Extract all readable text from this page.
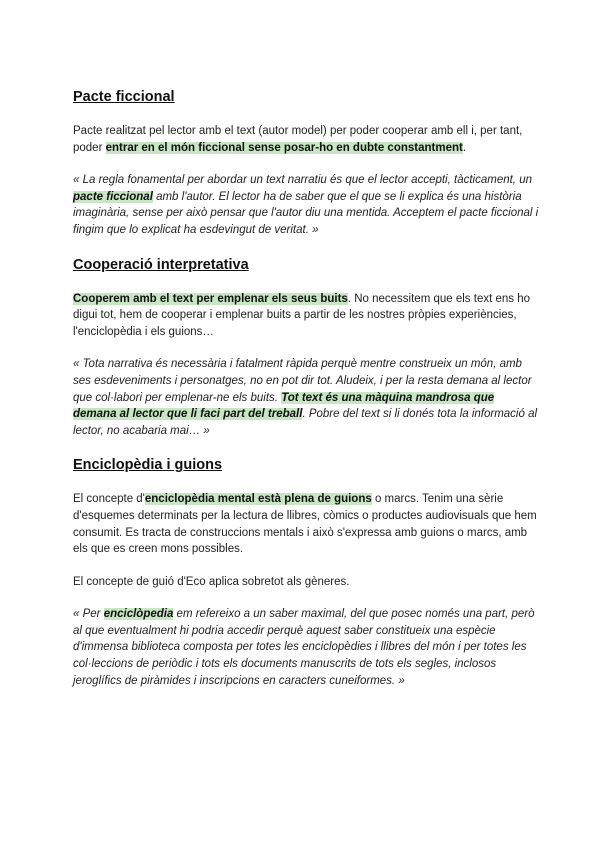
Pacte ficcional

Pacte realitzat pel lector amb el text (autor model) per poder cooperar amb ell i, per tant, poder entrar en el món ficcional sense posar-ho en dubte constantment.

« La regla fonamental per abordar un text narratiu és que el lector accepti, tàcticament, un pacte ficcional amb l'autor. El lector ha de saber que el que se li explica és una història imaginària, sense per això pensar que l'autor diu una mentida. Acceptem el pacte ficcional i fingim que lo explicat ha esdevingut de veritat. »

Cooperació interpretativa

Cooperem amb el text per emplenar els seus buits. No necessitem que els text ens ho digui tot, hem de cooperar i emplenar buits a partir de les nostres pròpies experiències, l'enciclopèdia i els guions…

« Tota narrativa és necessària i fatalment ràpida perquè mentre construeix un món, amb ses esdeveniments i personatges, no en pot dir tot. Aludeix, i per la resta demana al lector que col·labori per emplenar-ne els buits. Tot text és una màquina mandrosa que demana al lector que li faci part del treball. Pobre del text si li donés tota la informació al lector, no acabaria mai… »

Enciclopèdia i guions

El concepte d'enciclopèdia mental està plena de guions o marcs. Tenim una sèrie d'esquemes determinats per la lectura de llibres, còmics o productes audiovisuals que hem consumit. Es tracta de construccions mentals i això s'expressa amb guions o marcs, amb els que es creen mons possibles.

El concepte de guió d'Eco aplica sobretot als gèneres.

« Per enciclòpedia em refereixo a un saber maximal, del que posec només una part, però al que eventualment hi podria accedir perquè aquest saber constitueix una espècie d'immensa biblioteca composta per totes les enciclopèdies i llibres del món i per totes les col·leccions de periòdic i tots els documents manuscrits de tots els segles, inclosos jeroglífics de piràmides i inscripcions en caracters cuneiformes. »
